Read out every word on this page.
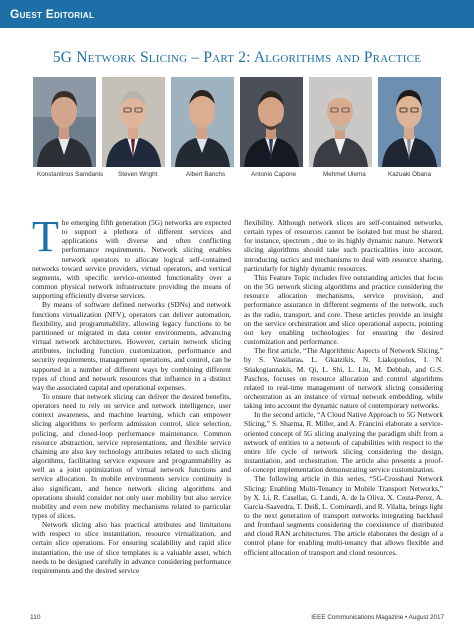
Guest Editorial
5G Network Slicing – Part 2: Algorithms and Practice
Konstantinos Samdanis Steven Wright	Albert Banchs	Antonio Capone	Mehmet Ulema	Kazuaki Obana

The emerging fifth generation (5G) networks are expected to support a plethora of different services and applications with diverse and often conflicting performance requirements. Network slicing enables network operators to allocate logical self-contained networks toward service providers, virtual operators, and vertical segments, with specific service-oriented functionality over a common physical network infrastructure providing the means of supporting efficiently diverse services.

By means of software defined networks (SDNs) and network functions virtualization (NFV), operators can deliver automation, flexibility, and programmability, allowing legacy functions to be partitioned or migrated in data center environments, advancing virtual network architectures. However, certain network slicing attributes, including function customization, performance and security requirements, management operations, and control, can be supported in a number of different ways by combining different types of cloud and network resources that influence in a distinct way the associated capital and operational expenses.

To ensure that network slicing can deliver the desired benefits, operators need to rely on service and network intelligence, user context awareness, and machine learning, which can empower slicing algorithms to perform admission control, slice selection, policing, and closed-loop performance maintenance. Common resource abstraction, service representations, and flexible service chaining are also key technology attributes related to such slicing algorithms, facilitating service exposure and programmability as well as a joint optimization of virtual network functions and service allocation. In mobile environments service continuity is also significant, and hence network slicing algorithms and operations should consider not only user mobility but also service mobility and even new mobility mechanisms related to particular types of slices.

Network slicing also has practical attributes and limitations with respect to slice instantiation, resource virtualization, and certain slice operations. For ensuring scalability and rapid slice instantiation, the use of slice templates is a valuable asset, which needs to be designed carefully in advance considering performance requirements and the desired service

flexibility. Although network slices are self-contained networks, certain types of resources cannot be isolated but must be shared, for instance, spectrum , due to its highly dynamic nature. Network slicing algorithms should take such practicalities into account, introducing tactics and mechanisms to deal with resource sharing, particularly for highly dynamic resources.

This Feature Topic includes five outstanding articles that focus on the 5G network slicing algorithms and practice considering the resource allocation mechanisms, service provision, and performance assurance in different segments of the network, such as the radio, transport, and core. These articles provide an insight on the service orchestration and slice operational aspects, pointing out key enabling technologies for ensuring the desired customization and performance.

The first article, “The Algorithmic Aspects of Network Slicing,” by S. Vassilaras, L. Gkatzikis, N. Liakopoulos, I. N. Stiakogiannakis, M. Qi, L. Shi, L. Liu, M. Debbah, and G.S. Paschos, focuses on resource allocation and control algorithms related to real-time management of network slicing considering orchestration as an instance of virtual network embedding, while taking into account the dynamic nature of contemporary networks.

In the second article, “A Cloud Native Approach to 5G Network Slicing,” S. Sharma, R. Miller, and A. Francini elaborate a service-oriented concept of 5G slicing analyzing the paradigm shift from a network of entities to a network of capabilities with respect to the entire life cycle of network slicing considering the design, instantiation, and orchestration. The article also presents a proof-of-concept implementation demonstrating service customization.

The following article in this series, “5G-Crosshaul Network Slicing: Enabling Multi-Tenancy in Mobile Transport Networks,” by X. Li, R. Casellas, G. Landi, A. de la Oliva, X. Costa-Perez, A. Garcia-Saavedra, T. Deiß, L. Cominardi, and R. Vilalta, brings light to the next generation of transport networks integrating backhaul and fronthaul segments considering the coexistence of distributed and cloud RAN architectures. The article elaborates the design of a control plane for enabling multi-tenancy that allows flexible and efficient allocation of transport and cloud resources.

110	IEEE Communications Magazine • August 2017
